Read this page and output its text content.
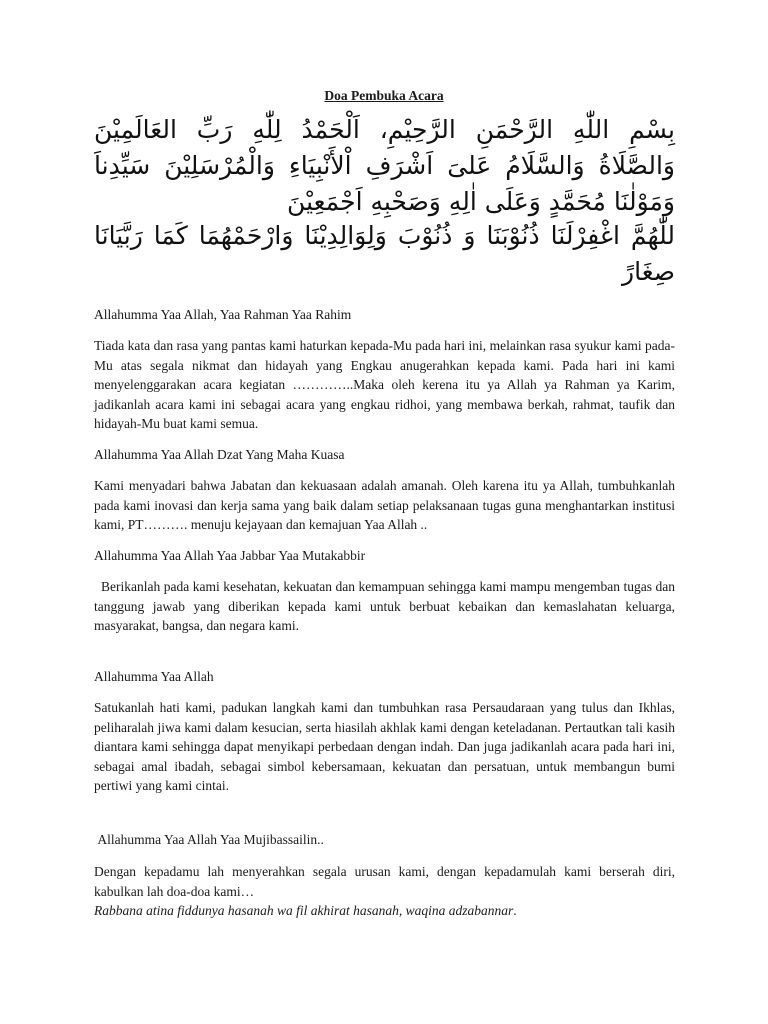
Doa Pembuka Acara
بِسْمِ اللّٰهِ الرَّحْمَنِ الرَّحِيْمِ، اَلْحَمْدُ لِلّٰهِ رَبِّ العَالَمِيْنَ وَالصَّلَاةُ وَالسَّلَامُ عَلىَ اَشْرَفِ اْلأَنْبِيَاءِ وَالْمُرْسَلِيْنَ سَيِّدِناَ وَمَوْلٰنَا مُحَمَّدٍ وَعَلَى اٰلِهِ وَصَحْبِهِ اَجْمَعِيْنَ
للّٰهُمَّ اغْفِرْلَنَا ذُنُوْبَنَا وَ ذُنُوْبَ وَلِوَالِدِيْنَا وَارْحَمْهُمَا كَمَا رَبَّيَانَا صِغَارً
Allahumma Yaa Allah, Yaa Rahman Yaa Rahim
Tiada kata dan rasa yang pantas kami haturkan kepada-Mu pada hari ini, melainkan rasa syukur kami pada-Mu atas segala nikmat dan hidayah yang Engkau anugerahkan kepada kami. Pada hari ini kami menyelenggarakan acara kegiatan …………..Maka oleh kerena itu ya Allah ya Rahman ya Karim, jadikanlah acara kami ini sebagai acara yang engkau ridhoi, yang membawa berkah, rahmat, taufik dan hidayah-Mu buat kami semua.
Allahumma Yaa Allah Dzat Yang Maha Kuasa
Kami menyadari bahwa Jabatan dan kekuasaan adalah amanah. Oleh karena itu ya Allah, tumbuhkanlah pada kami inovasi dan kerja sama yang baik dalam setiap pelaksanaan tugas guna menghantarkan institusi kami, PT………. menuju kejayaan dan kemajuan Yaa Allah ..
Allahumma Yaa Allah Yaa Jabbar Yaa Mutakabbir
Berikanlah pada kami kesehatan, kekuatan dan kemampuan sehingga kami mampu mengemban tugas dan tanggung jawab yang diberikan kepada kami untuk berbuat kebaikan dan kemaslahatan keluarga, masyarakat, bangsa, dan negara kami.
Allahumma Yaa Allah
Satukanlah hati kami, padukan langkah kami dan tumbuhkan rasa Persaudaraan yang tulus dan Ikhlas, peliharalah jiwa kami dalam kesucian, serta hiasilah akhlak kami dengan keteladanan. Pertautkan tali kasih diantara kami sehingga dapat menyikapi perbedaan dengan indah. Dan juga jadikanlah acara pada hari ini, sebagai amal ibadah, sebagai simbol kebersamaan, kekuatan dan persatuan, untuk membangun bumi pertiwi yang kami cintai.
Allahumma Yaa Allah Yaa Mujibassailin..
Dengan kepadamu lah menyerahkan segala urusan kami, dengan kepadamulah kami berserah diri, kabulkan lah doa-doa kami…
Rabbana atina fiddunya hasanah wa fil akhirat hasanah, waqina adzabannar.
